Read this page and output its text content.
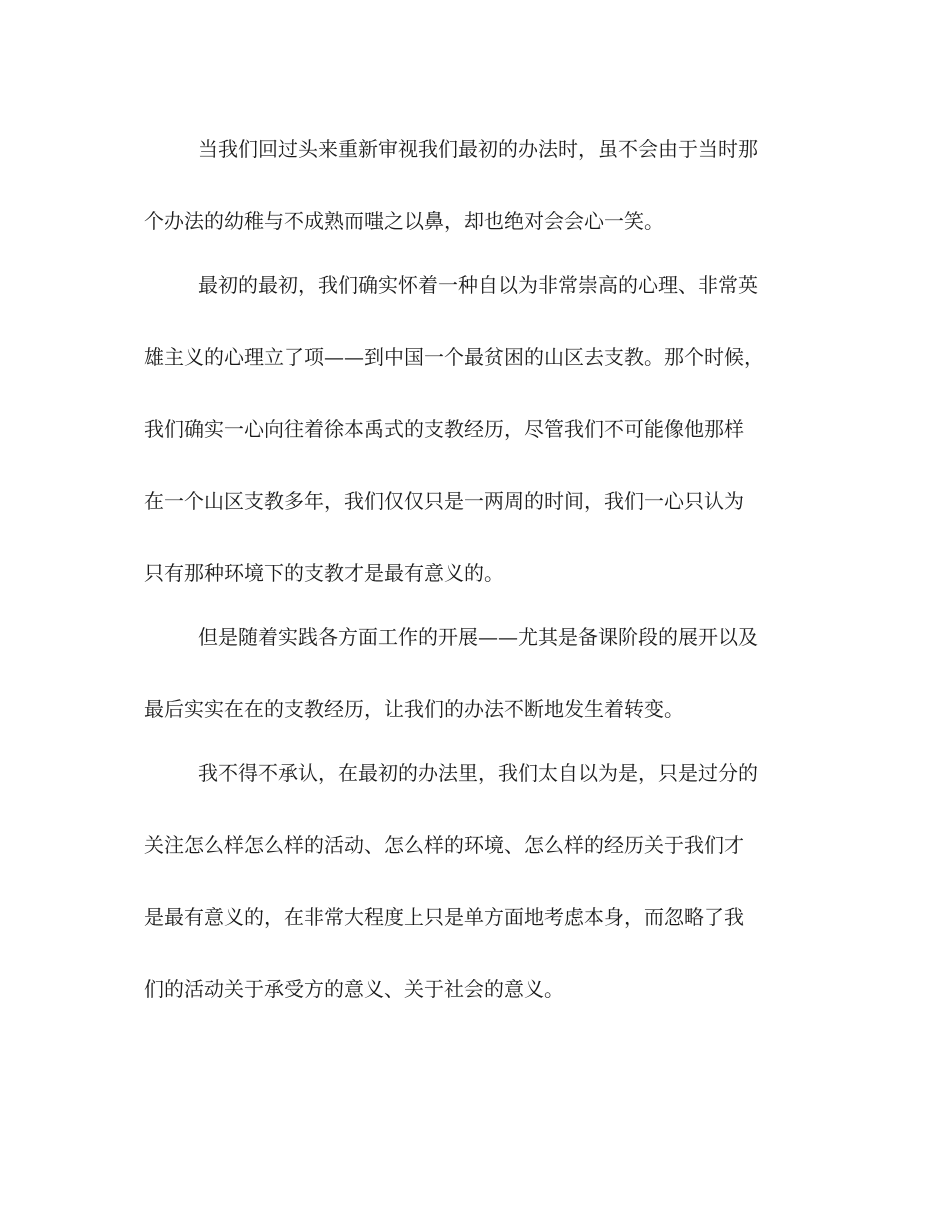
当我们回过头来重新审视我们最初的办法时，虽不会由于当时那
个办法的幼稚与不成熟而嗤之以鼻，却也绝对会会心一笑。
最初的最初，我们确实怀着一种自以为非常崇高的心理、非常英
雄主义的心理立了项——到中国一个最贫困的山区去支教。那个时候，
我们确实一心向往着徐本禹式的支教经历，尽管我们不可能像他那样
在一个山区支教多年，我们仅仅只是一两周的时间，我们一心只认为
只有那种环境下的支教才是最有意义的。
但是随着实践各方面工作的开展——尤其是备课阶段的展开以及
最后实实在在的支教经历，让我们的办法不断地发生着转变。
我不得不承认，在最初的办法里，我们太自以为是，只是过分的
关注怎么样怎么样的活动、怎么样的环境、怎么样的经历关于我们才
是最有意义的，在非常大程度上只是单方面地考虑本身，而忽略了我
们的活动关于承受方的意义、关于社会的意义。
